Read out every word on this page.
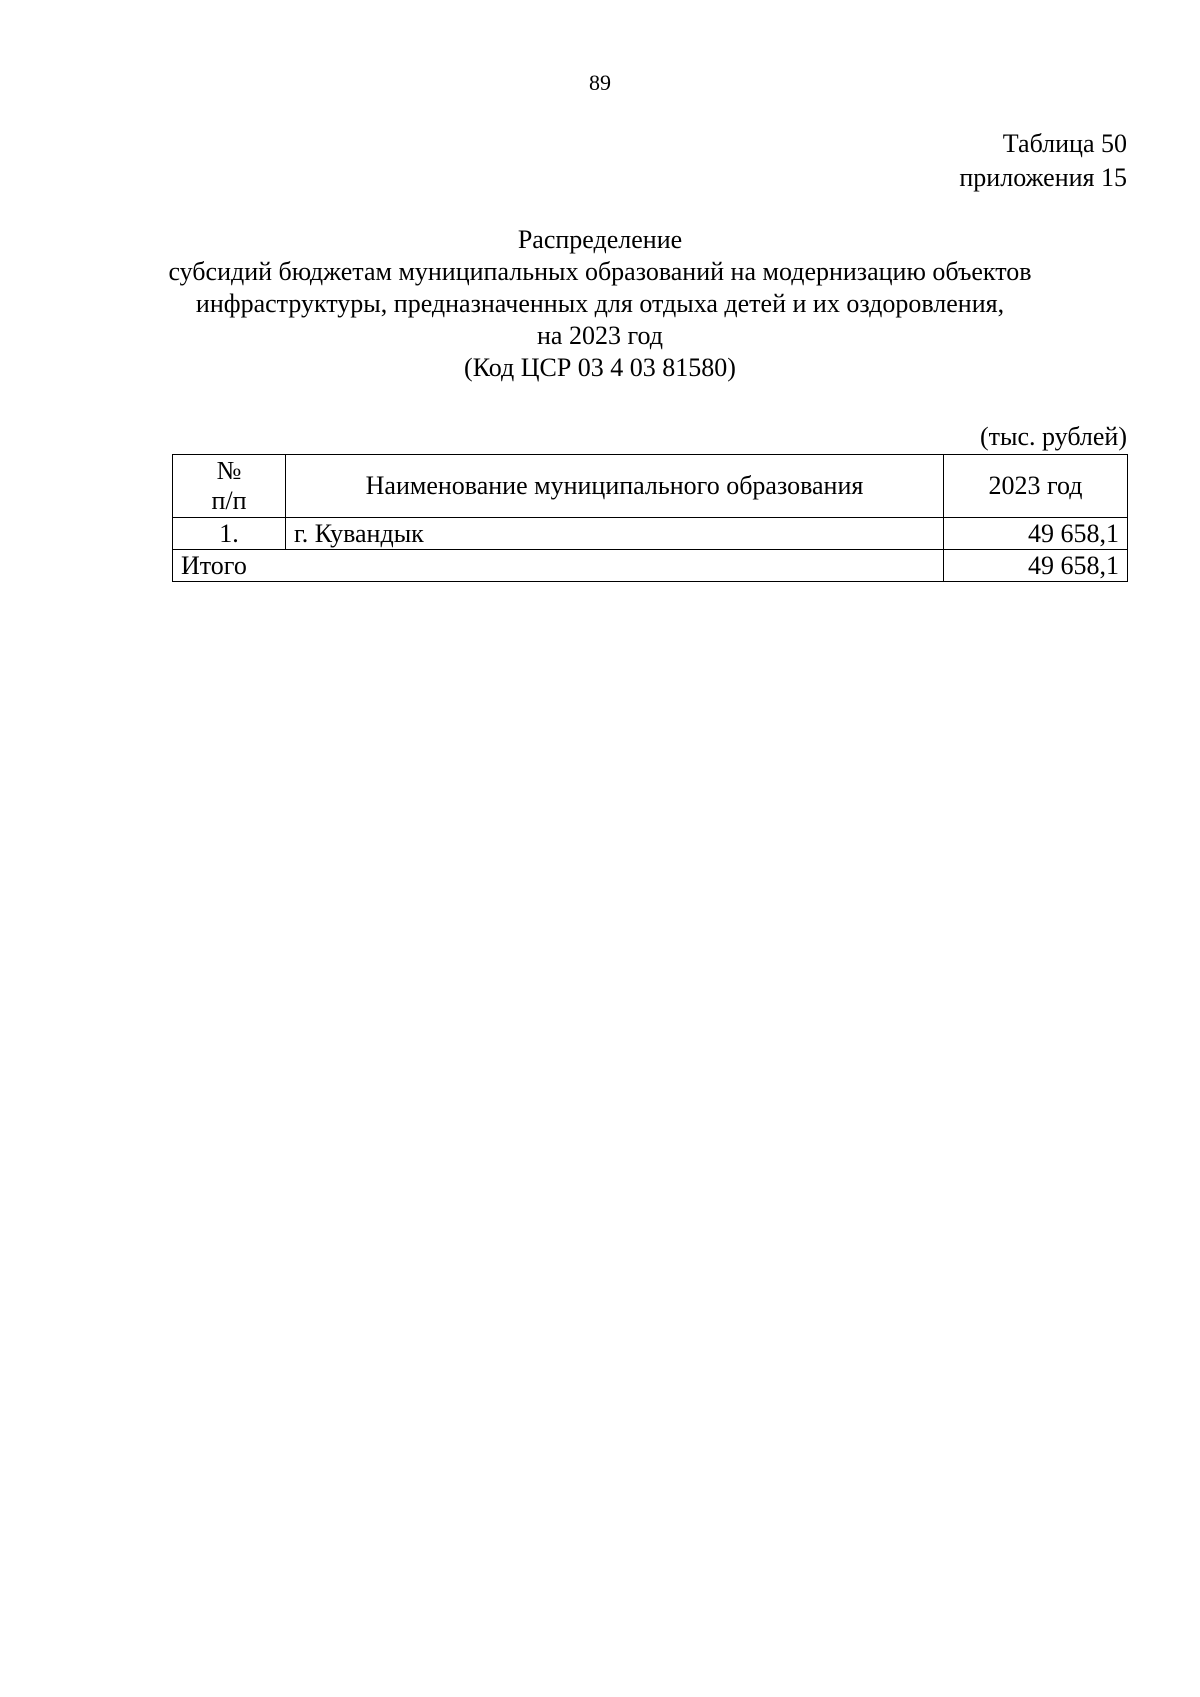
89
Таблица 50
приложения 15
Распределение
субсидий бюджетам муниципальных образований на модернизацию объектов
инфраструктуры, предназначенных для отдыха детей и их оздоровления,
на 2023 год
(Код ЦСР 03 4 03 81580)
(тыс. рублей)
№
п/п	Наименование муниципального образования	2023 год
1.	г. Кувандык	49 658,1
Итого		49 658,1
